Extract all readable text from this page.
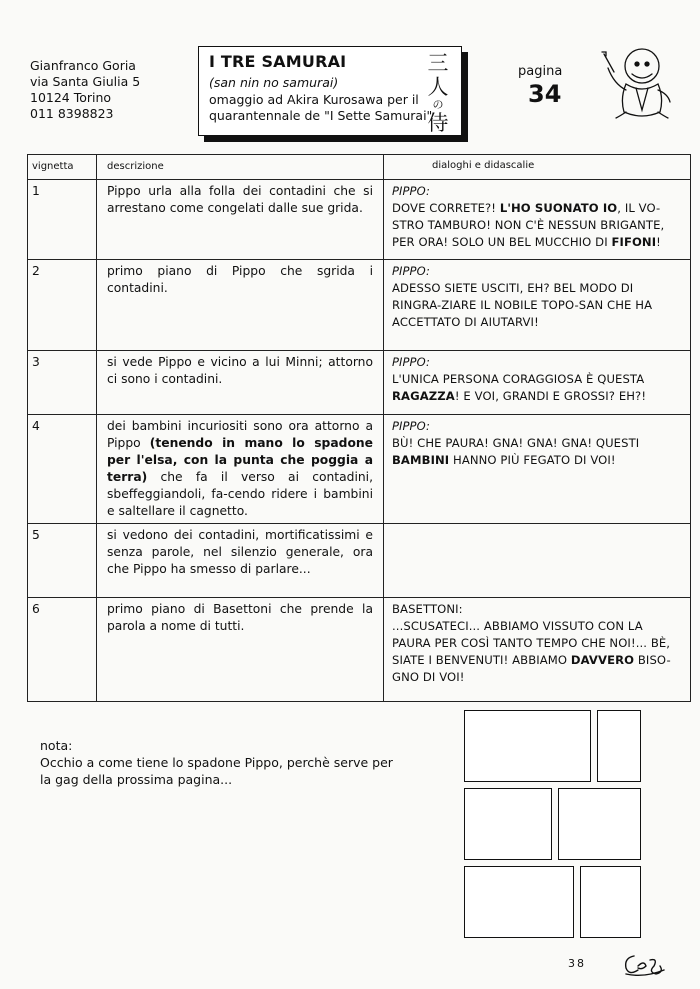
Gianfranco Goria
via Santa Giulia 5
10124 Torino
011 8398823
I TRE SAMURAI
(san nin no samurai)
omaggio ad Akira Kurosawa per il
quarantennale de "I Sette Samurai"
三
人
の
侍
pagina
34
vignetta	descrizione	dialoghi e didascalie
1	Pippo urla alla folla dei contadini che si arrestano come congelati dalle sue grida.	PIPPO:
DOVE CORRETE?! L'HO SUONATO IO, IL VO-STRO TAMBURO! NON C'È NESSUN BRIGANTE, PER ORA! SOLO UN BEL MUCCHIO DI FIFONI!
2	primo piano di Pippo che sgrida i contadini.	PIPPO:
ADESSO SIETE USCITI, EH? BEL MODO DI RINGRA-ZIARE IL NOBILE TOPO-SAN CHE HA ACCETTATO DI AIUTARVI!
3	si vede Pippo e vicino a lui Minni; attorno ci sono i contadini.	PIPPO:
L'UNICA PERSONA CORAGGIOSA È QUESTA RAGAZZA! E VOI, GRANDI E GROSSI? EH?!
4	dei bambini incuriositi sono ora attorno a Pippo (tenendo in mano lo spadone per l'elsa, con la punta che poggia a terra) che fa il verso ai contadini, sbeffeggiandoli, fa-cendo ridere i bambini e saltellare il cagnetto.	PIPPO:
BÙ! CHE PAURA! GNA! GNA! GNA! QUESTI BAMBINI HANNO PIÙ FEGATO DI VOI!
5	si vedono dei contadini, mortificatissimi e senza parole, nel silenzio generale, ora che Pippo ha smesso di parlare...	
6	primo piano di Basettoni che prende la parola a nome di tutti.	BASETTONI:
...SCUSATECI... ABBIAMO VISSUTO CON LA PAURA PER COSÌ TANTO TEMPO CHE NOI!... BÈ, SIATE I BENVENUTI! ABBIAMO DAVVERO BISO-GNO DI VOI!
nota:
Occhio a come tiene lo spadone Pippo, perchè serve per la gag della prossima pagina...
38
